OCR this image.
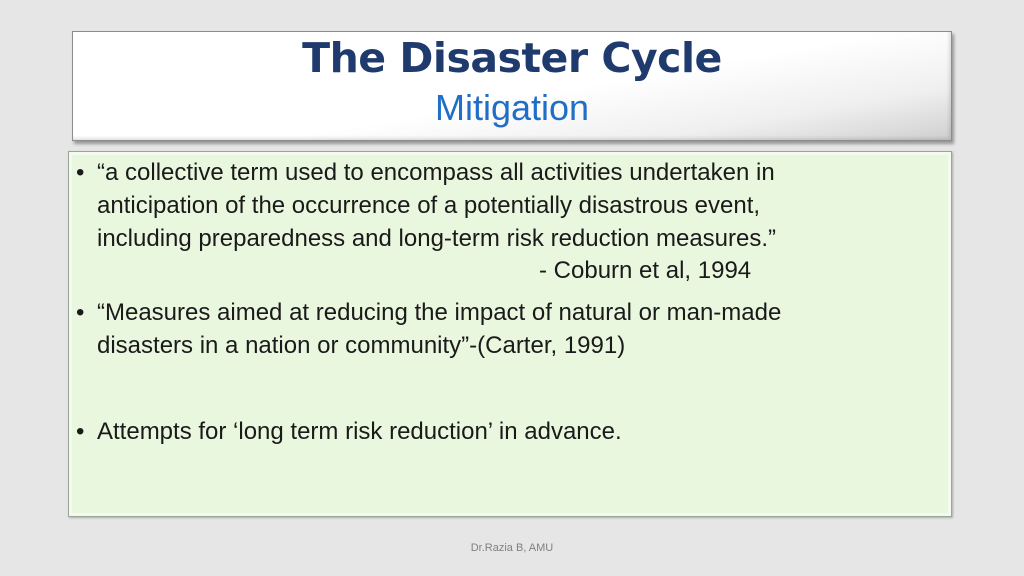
The Disaster Cycle
Mitigation
• “a collective term used to encompass all activities undertaken in
anticipation of the occurrence of a potentially disastrous event,
including preparedness and long-term risk reduction measures.”
- Coburn et al, 1994
• “Measures aimed at reducing the impact of natural or man-made
disasters in a nation or community”-(Carter, 1991)
• Attempts for ‘long term risk reduction’ in advance.
Dr.Razia B, AMU
